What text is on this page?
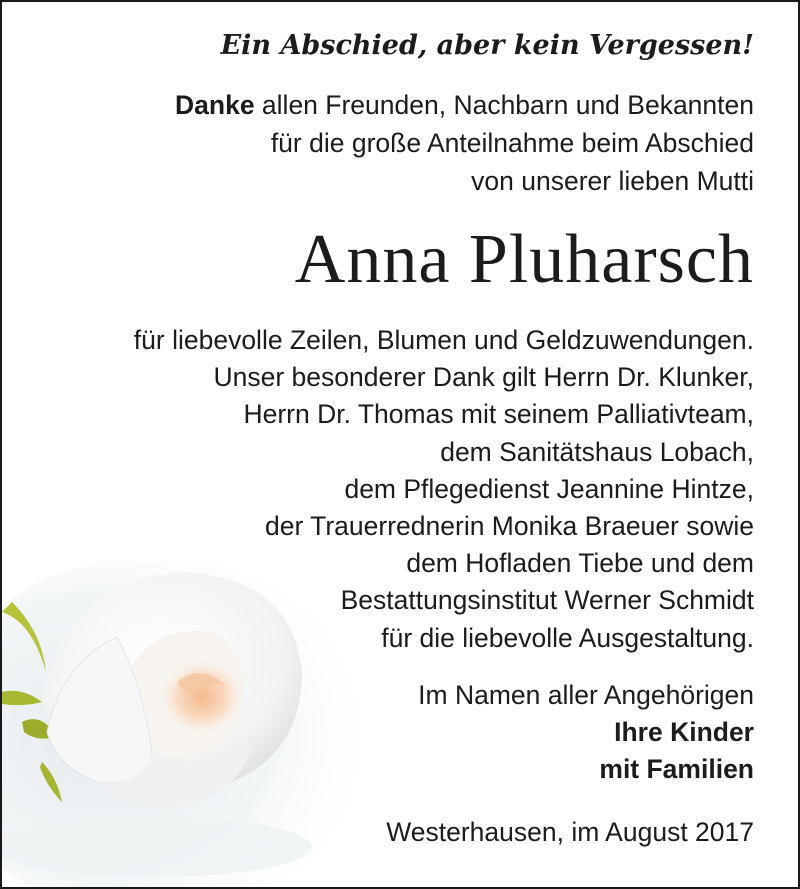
Ein Abschied, aber kein Vergessen!
Danke allen Freunden, Nachbarn und Bekannten
für die große Anteilnahme beim Abschied
von unserer lieben Mutti
Anna Pluharsch
für liebevolle Zeilen, Blumen und Geldzuwendungen.
Unser besonderer Dank gilt Herrn Dr. Klunker,
Herrn Dr. Thomas mit seinem Palliativteam,
dem Sanitätshaus Lobach,
dem Pflegedienst Jeannine Hintze,
der Trauerrednerin Monika Braeuer sowie
dem Hofladen Tiebe und dem
Bestattungsinstitut Werner Schmidt
für die liebevolle Ausgestaltung.
Im Namen aller Angehörigen
Ihre Kinder
mit Familien
Westerhausen, im August 2017
